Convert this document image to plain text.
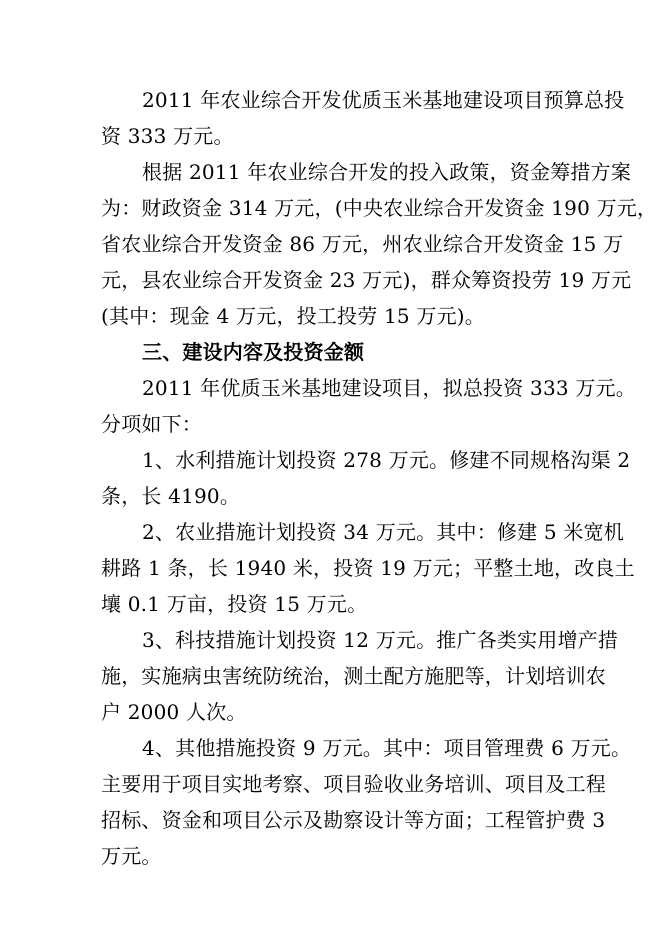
2011 年农业综合开发优质玉米基地建设项目预算总投
资 333 万元。
根据 2011 年农业综合开发的投入政策，资金筹措方案
为：财政资金 314 万元，(中央农业综合开发资金 190 万元，
省农业综合开发资金 86 万元，州农业综合开发资金 15 万
元，县农业综合开发资金 23 万元)，群众筹资投劳 19 万元
(其中：现金 4 万元，投工投劳 15 万元)。
三、建设内容及投资金额
2011 年优质玉米基地建设项目，拟总投资 333 万元。
分项如下：
1、水利措施计划投资 278 万元。修建不同规格沟渠 2
条，长 4190。
2、农业措施计划投资 34 万元。其中：修建 5 米宽机
耕路 1 条，长 1940 米，投资 19 万元；平整土地，改良土
壤 0.1 万亩，投资 15 万元。
3、科技措施计划投资 12 万元。推广各类实用增产措
施，实施病虫害统防统治，测土配方施肥等，计划培训农
户 2000 人次。
4、其他措施投资 9 万元。其中：项目管理费 6 万元。
主要用于项目实地考察、项目验收业务培训、项目及工程
招标、资金和项目公示及勘察设计等方面；工程管护费 3
万元。
